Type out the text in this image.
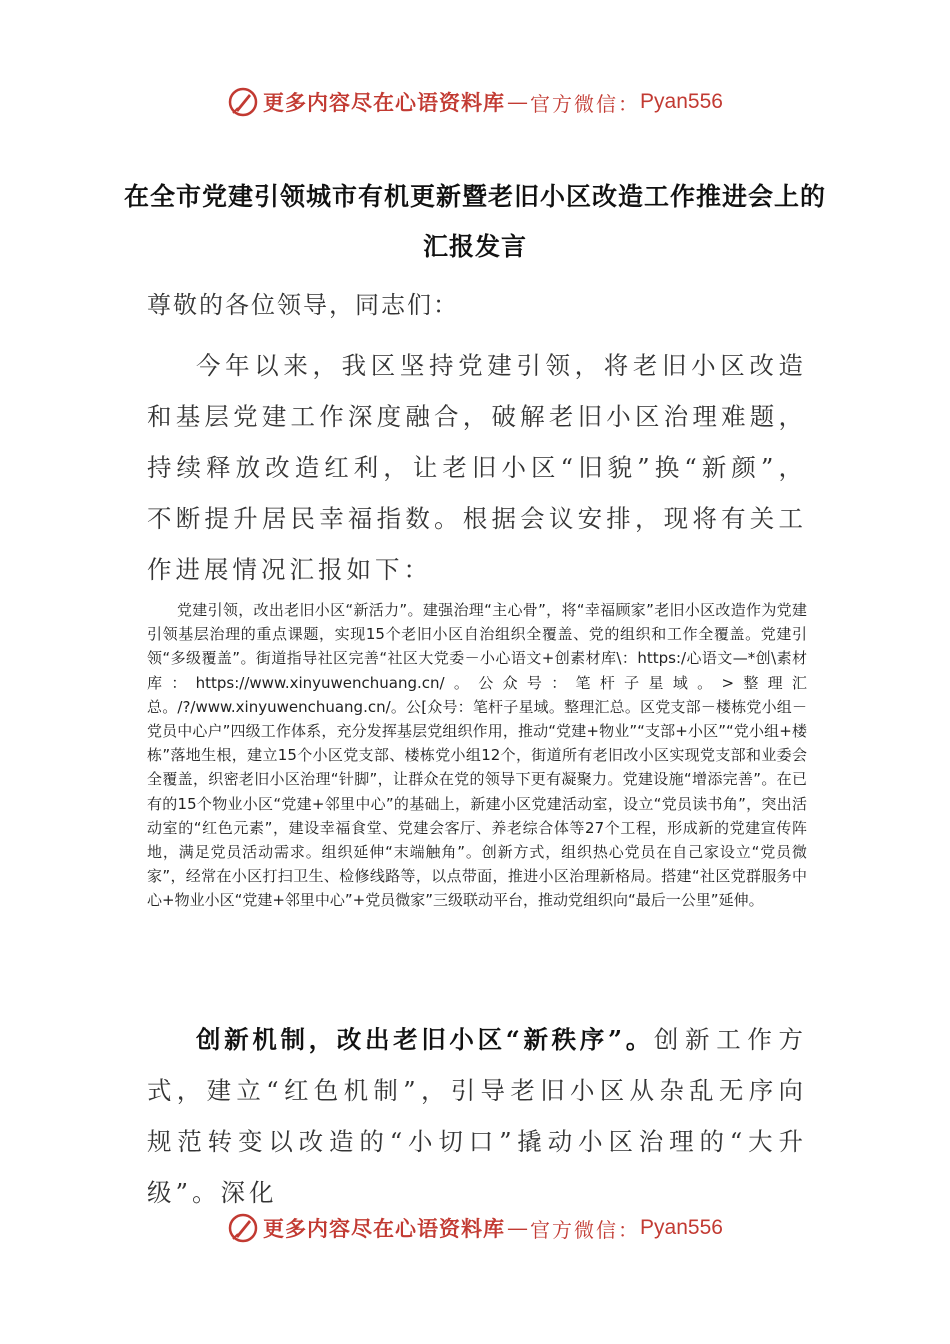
更多内容尽在心语资料库 — 官方微信： Pyan556
在全市党建引领城市有机更新暨老旧小区改造工作推进会上的汇报发言
尊敬的各位领导，同志们：

今年以来，我区坚持党建引领，将老旧小区改造和基层党建工作深度融合，破解老旧小区治理难题，持续释放改造红利，让老旧小区“旧貌”换“新颜”，不断提升居民幸福指数。根据会议安排，现将有关工作进展情况汇报如下：

党建引领，改出老旧小区“新活力”。建强治理“主心骨”，将“幸福顾家”老旧小区改造作为党建引领基层治理的重点课题，实现15个老旧小区自治组织全覆盖、党的组织和工作全覆盖。党建引领“多级覆盖”。街道指导社区完善“社区大党委－小心语文+创素材库\：https:/心语文—*创\素材库：https://www.xinyuwenchuang.cn/。公众号：笔杆子星域。>整理汇总。/?/www.xinyuwenchuang.cn/。公[众号：笔杆子星域。整理汇总。区党支部－楼栋党小组－党员中心户”四级工作体系，充分发挥基层党组织作用，推动“党建+物业”“支部+小区”“党小组+楼栋”落地生根，建立15个小区党支部、楼栋党小组12个，街道所有老旧改小区实现党支部和业委会全覆盖，织密老旧小区治理“针脚”，让群众在党的领导下更有凝聚力。党建设施“增添完善”。在已有的15个物业小区“党建+邻里中心”的基础上，新建小区党建活动室，设立“党员读书角”，突出活动室的“红色元素”，建设幸福食堂、党建会客厅、养老综合体等27个工程，形成新的党建宣传阵地，满足党员活动需求。组织延伸“末端触角”。创新方式，组织热心党员在自己家设立“党员微家”，经常在小区打扫卫生、检修线路等，以点带面，推进小区治理新格局。搭建“社区党群服务中心+物业小区“党建+邻里中心”+党员微家”三级联动平台，推动党组织向“最后一公里”延伸。

创新机制，改出老旧小区“新秩序”。创新工作方式，建立“红色机制”，引导老旧小区从杂乱无序向规范转变以改造的“小切口”撬动小区治理的“大升级”。深化

更多内容尽在心语资料库 — 官方微信： Pyan556
